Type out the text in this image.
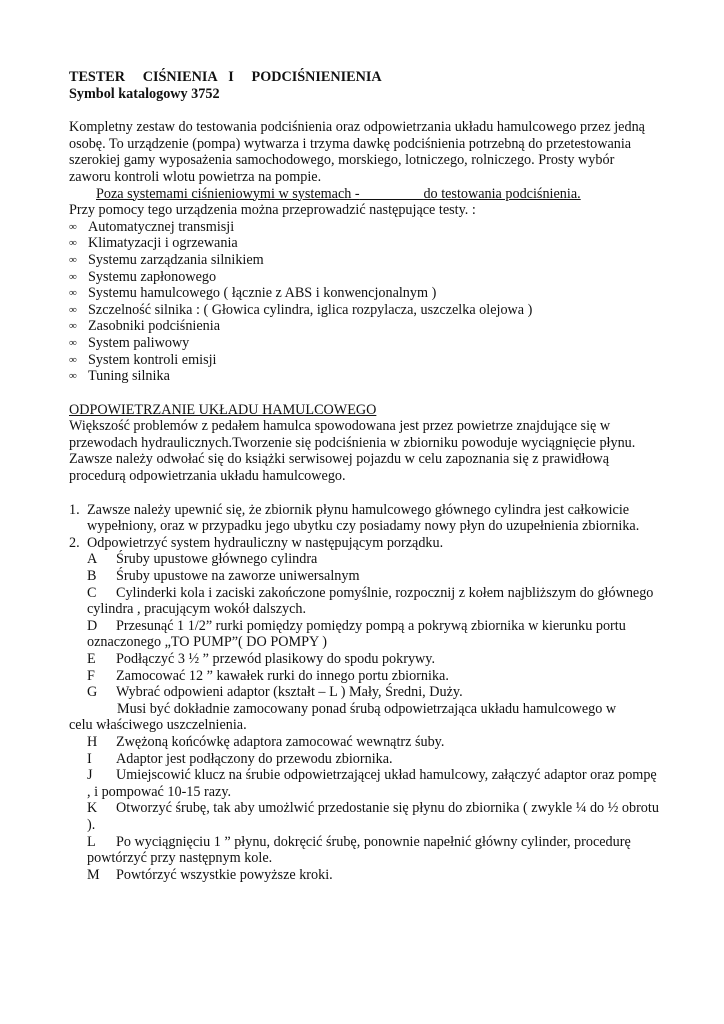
TESTER CIŚNIENIA I PODCIŚNIENIENIA
Symbol katalogowy 3752
Kompletny zestaw do testowania podciśnienia oraz odpowietrzania układu hamulcowego przez jedną osobę. To urządzenie (pompa) wytwarza i trzyma dawkę podciśnienia potrzebną do przetestowania szerokiej gamy wyposażenia samochodowego, morskiego, lotniczego, rolniczego. Prosty wybór zaworu kontroli wlotu powietrza na pompie.
Poza systemami ciśnieniowymi w systemach -	do testowania podciśnienia.
Przy pomocy tego urządzenia można przeprowadzić następujące testy. :
∞ Automatycznej transmisji
∞ Klimatyzacji i ogrzewania
∞ Systemu zarządzania silnikiem
∞ Systemu zapłonowego
∞ Systemu hamulcowego ( łącznie z ABS i konwencjonalnym )
∞ Szczelność silnika : ( Głowica cylindra, iglica rozpylacza, uszczelka olejowa )
∞ Zasobniki podciśnienia
∞ System paliwowy
∞ System kontroli emisji
∞ Tuning silnika
ODPOWIETRZANIE UKŁADU HAMULCOWEGO
Większość problemów z pedałem hamulca spowodowana jest przez powietrze znajdujące się w przewodach hydraulicznych.Tworzenie się podciśnienia w zbiorniku powoduje wyciągnięcie płynu. Zawsze należy odwołać się do książki serwisowej pojazdu w celu zapoznania się z prawidłową procedurą odpowietrzania układu hamulcowego.
1. Zawsze należy upewnić się, że zbiornik płynu hamulcowego głównego cylindra jest całkowicie wypełniony, oraz w przypadku jego ubytku czy posiadamy nowy płyn do uzupełnienia zbiornika.
2. Odpowietrzyć system hydrauliczny w następującym porządku.
A Śruby upustowe głównego cylindra
B Śruby upustowe na zaworze uniwersalnym
C Cylinderki kola i zaciski zakończone pomyślnie, rozpocznij z kołem najbliższym do głównego cylindra , pracującym wokół dalszych.
D Przesunąć 1 1/2” rurki pomiędzy pomiędzy pompą a pokrywą zbiornika w kierunku portu oznaczonego „TO PUMP”( DO POMPY )
E Podłączyć 3 ½ ” przewód plasikowy do spodu pokrywy.
F Zamocować 12 ” kawałek rurki do innego portu zbiornika.
G Wybrać odpowieni adaptor (kształt – L ) Mały, Średni, Duży.
Musi być dokładnie zamocowany ponad śrubą odpowietrzająca układu hamulcowego w
celu właściwego uszczelnienia.
H Zwężoną końcówkę adaptora zamocować wewnątrz śuby.
I Adaptor jest podłączony do przewodu zbiornika.
J Umiejscowić klucz na śrubie odpowietrzającej układ hamulcowy, załączyć adaptor oraz pompę , i pompować 10-15 razy.
K Otworzyć śrubę, tak aby umożlwić przedostanie się płynu do zbiornika ( zwykle ¼ do ½ obrotu ).
L Po wyciągnięciu 1 ” płynu, dokręcić śrubę, ponownie napełnić główny cylinder, procedurę powtórzyć przy następnym kole.
M Powtórzyć wszystkie powyższe kroki.
